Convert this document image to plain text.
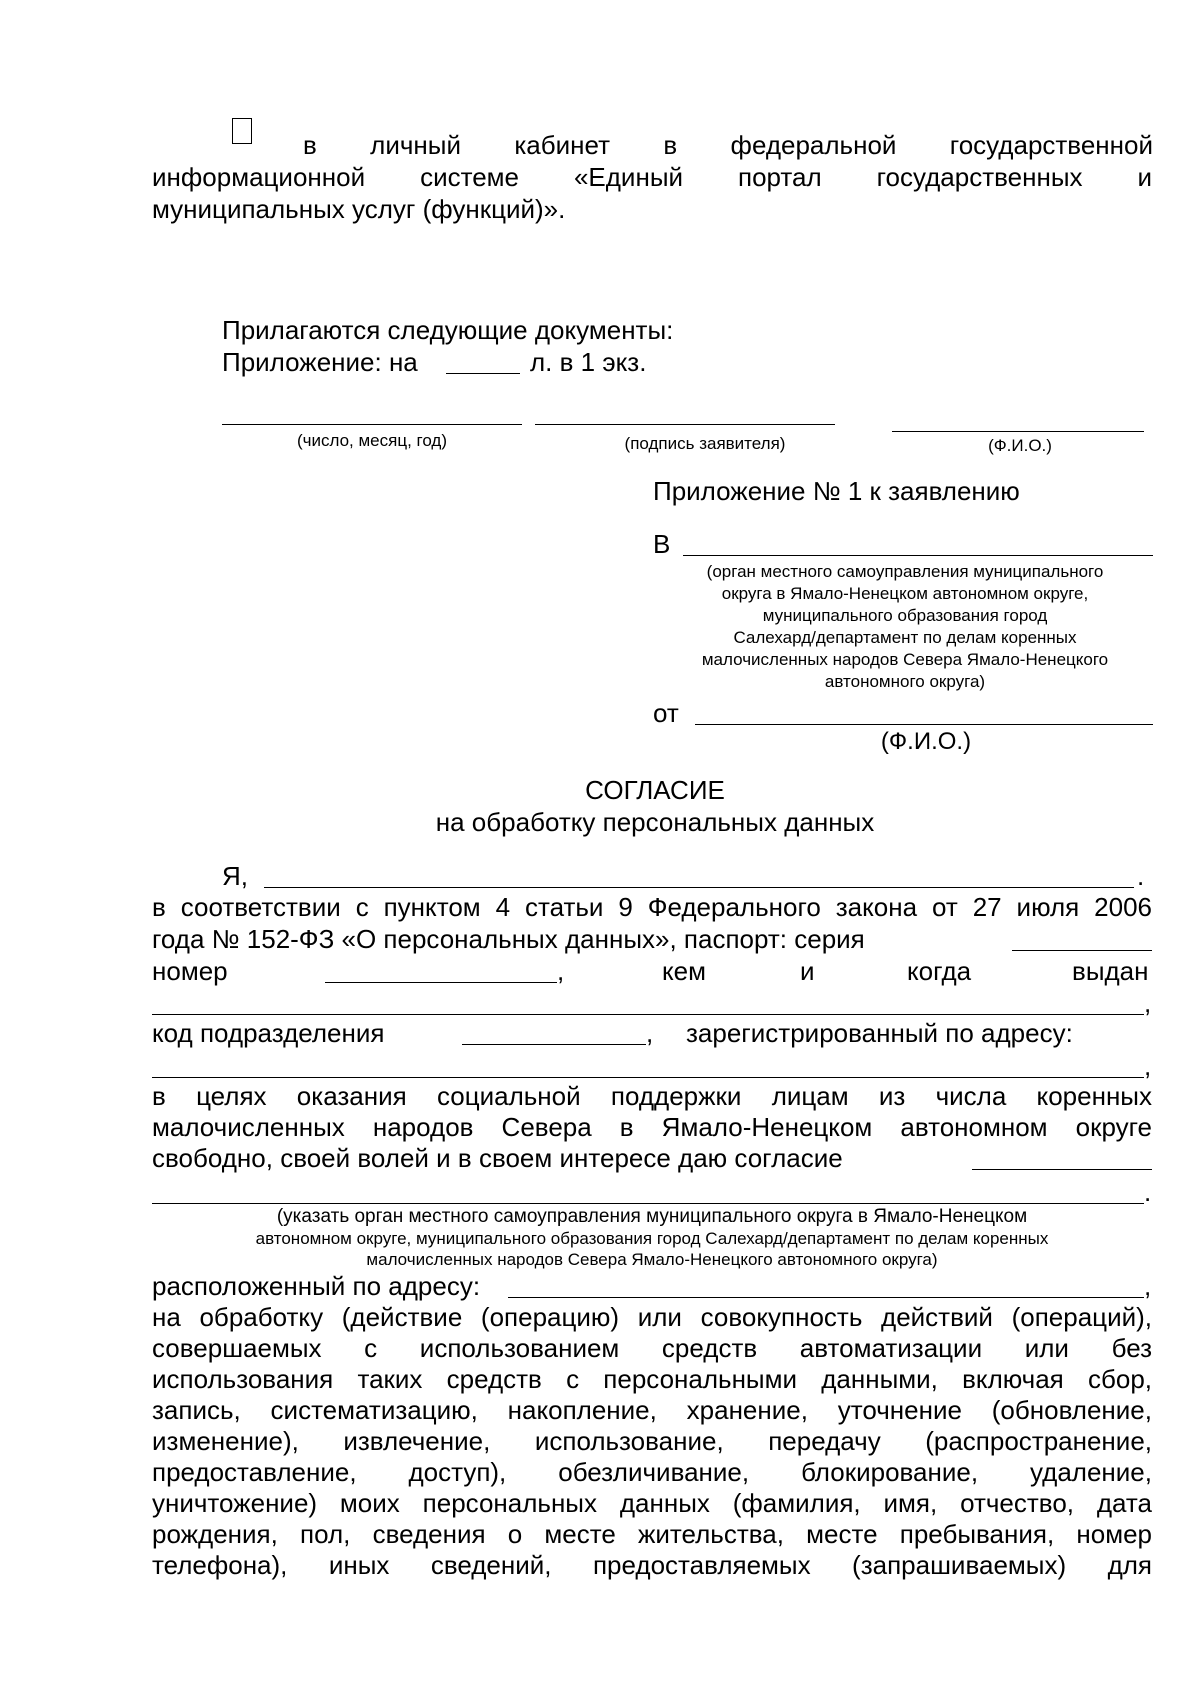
в личный кабинет в федеральной государственной
информационной системе «Единый портал государственных и
муниципальных услуг (функций)».
Прилагаются следующие документы:
Приложение: на	л. в 1 экз.
(число, месяц, год)	(подпись заявителя)	(Ф.И.О.)
Приложение № 1 к заявлению
В
(орган местного самоуправления муниципального
округа в Ямало-Ненецком автономном округе,
муниципального образования город
Салехард/департамент по делам коренных
малочисленных народов Севера Ямало-Ненецкого
автономного округа)
от
(Ф.И.О.)
СОГЛАСИЕ
на обработку персональных данных
Я,	.
в соответствии с пунктом 4 статьи 9 Федерального закона от 27 июля 2006
года № 152-ФЗ «О персональных данных», паспорт: серия
номер	,	кем	и	когда	выдан
,
код подразделения	, зарегистрированный по адресу:
,
в целях оказания социальной поддержки лицам из числа коренных
малочисленных народов Севера в Ямало-Ненецком автономном округе
свободно, своей волей и в своем интересе даю согласие
.
(указать орган местного самоуправления муниципального округа в Ямало-Ненецком
автономном округе, муниципального образования город Салехард/департамент по делам коренных
малочисленных народов Севера Ямало-Ненецкого автономного округа)
расположенный по адресу:	,
на обработку (действие (операцию) или совокупность действий (операций),
совершаемых с использованием средств автоматизации или без
использования таких средств с персональными данными, включая сбор,
запись, систематизацию, накопление, хранение, уточнение (обновление,
изменение), извлечение, использование, передачу (распространение,
предоставление, доступ), обезличивание, блокирование, удаление,
уничтожение) моих персональных данных (фамилия, имя, отчество, дата
рождения, пол, сведения о месте жительства, месте пребывания, номер
телефона), иных сведений, предоставляемых (запрашиваемых) для
